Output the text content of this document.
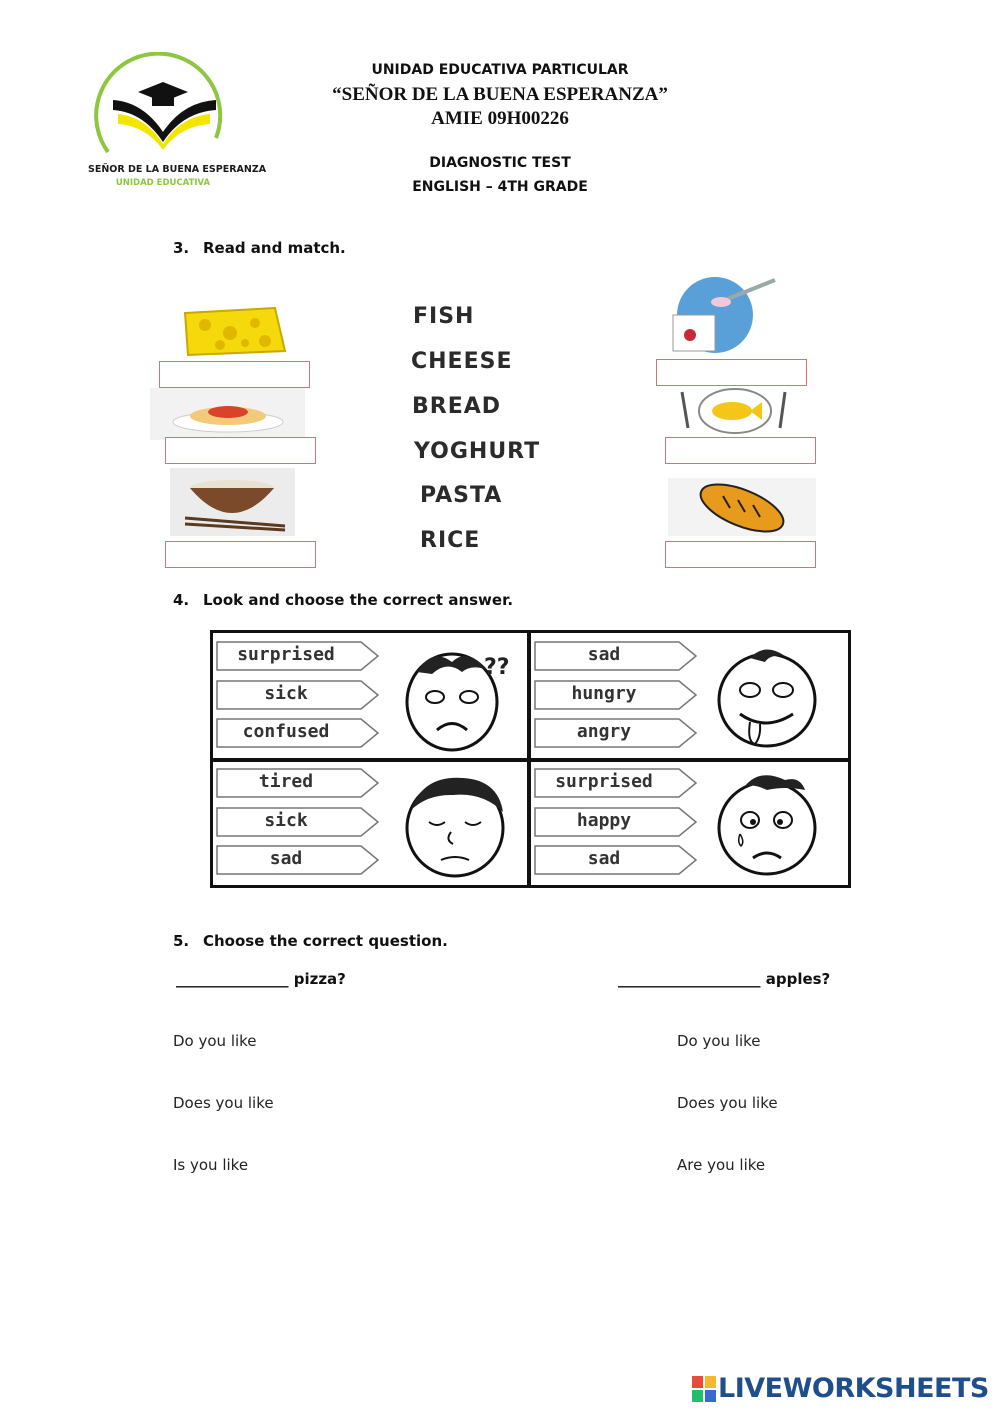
SEÑOR DE LA BUENA ESPERANZA
UNIDAD EDUCATIVA
UNIDAD EDUCATIVA PARTICULAR
“SEÑOR DE LA BUENA ESPERANZA”
AMIE 09H00226
DIAGNOSTIC TEST
ENGLISH – 4TH GRADE
3. Read and match.
FISH
CHEESE
BREAD
YOGHURT
PASTA
RICE
4. Look and choose the correct answer.
surprised
sick
confused
??
sad
hungry
angry
tired
sick
sad
surprised
happy
sad
5. Choose the correct question.
_______________ pizza?	___________________ apples?
Do you like
Does you like
Is you like
Do you like
Does you like
Are you like
LIVEWORKSHEETS
